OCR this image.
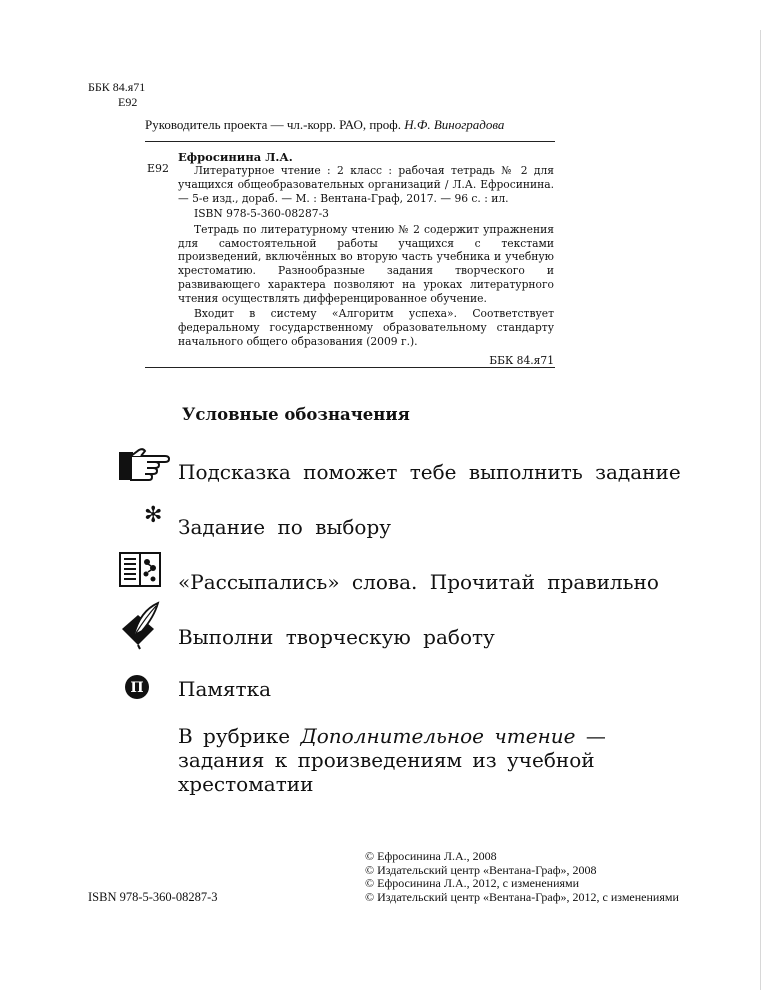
ББК 84.я71
Е92
Руководитель проекта — чл.-корр. РАО, проф. Н.Ф. Виноградова
Е92

Ефросинина Л.А.

Литературное чтение : 2 класс : рабочая тетрадь № 2 для учащихся общеобразовательных организаций / Л.А. Ефросинина. — 5-е изд., дораб. — М. : Вентана-Граф, 2017. — 96 с. : ил.

ISBN 978-5-360-08287-3

Тетрадь по литературному чтению № 2 содержит упражнения для самостоятельной работы учащихся с текстами произведений, включённых во вторую часть учебника и учебную хрестоматию. Разнообразные задания творческого и развивающего характера позволяют на уроках литературного чтения осуществлять дифференцированное обучение.

Входит в систему «Алгоритм успеха». Соответствует федеральному государственному образовательному стандарту начального общего образования (2009 г.).

ББК 84.я71
Условные обозначения
Подсказка поможет тебе выполнить задание
✻ Задание по выбору
«Рассыпались» слова. Прочитай правильно
Выполни творческую работу
П Памятка
В рубрике Дополнительное чтение —
задания к произведениям из учебной хрестоматии
ISBN 978-5-360-08287-3
© Ефросинина Л.А., 2008
© Издательский центр «Вентана-Граф», 2008
© Ефросинина Л.А., 2012, с изменениями
© Издательский центр «Вентана-Граф», 2012, с изменениями
